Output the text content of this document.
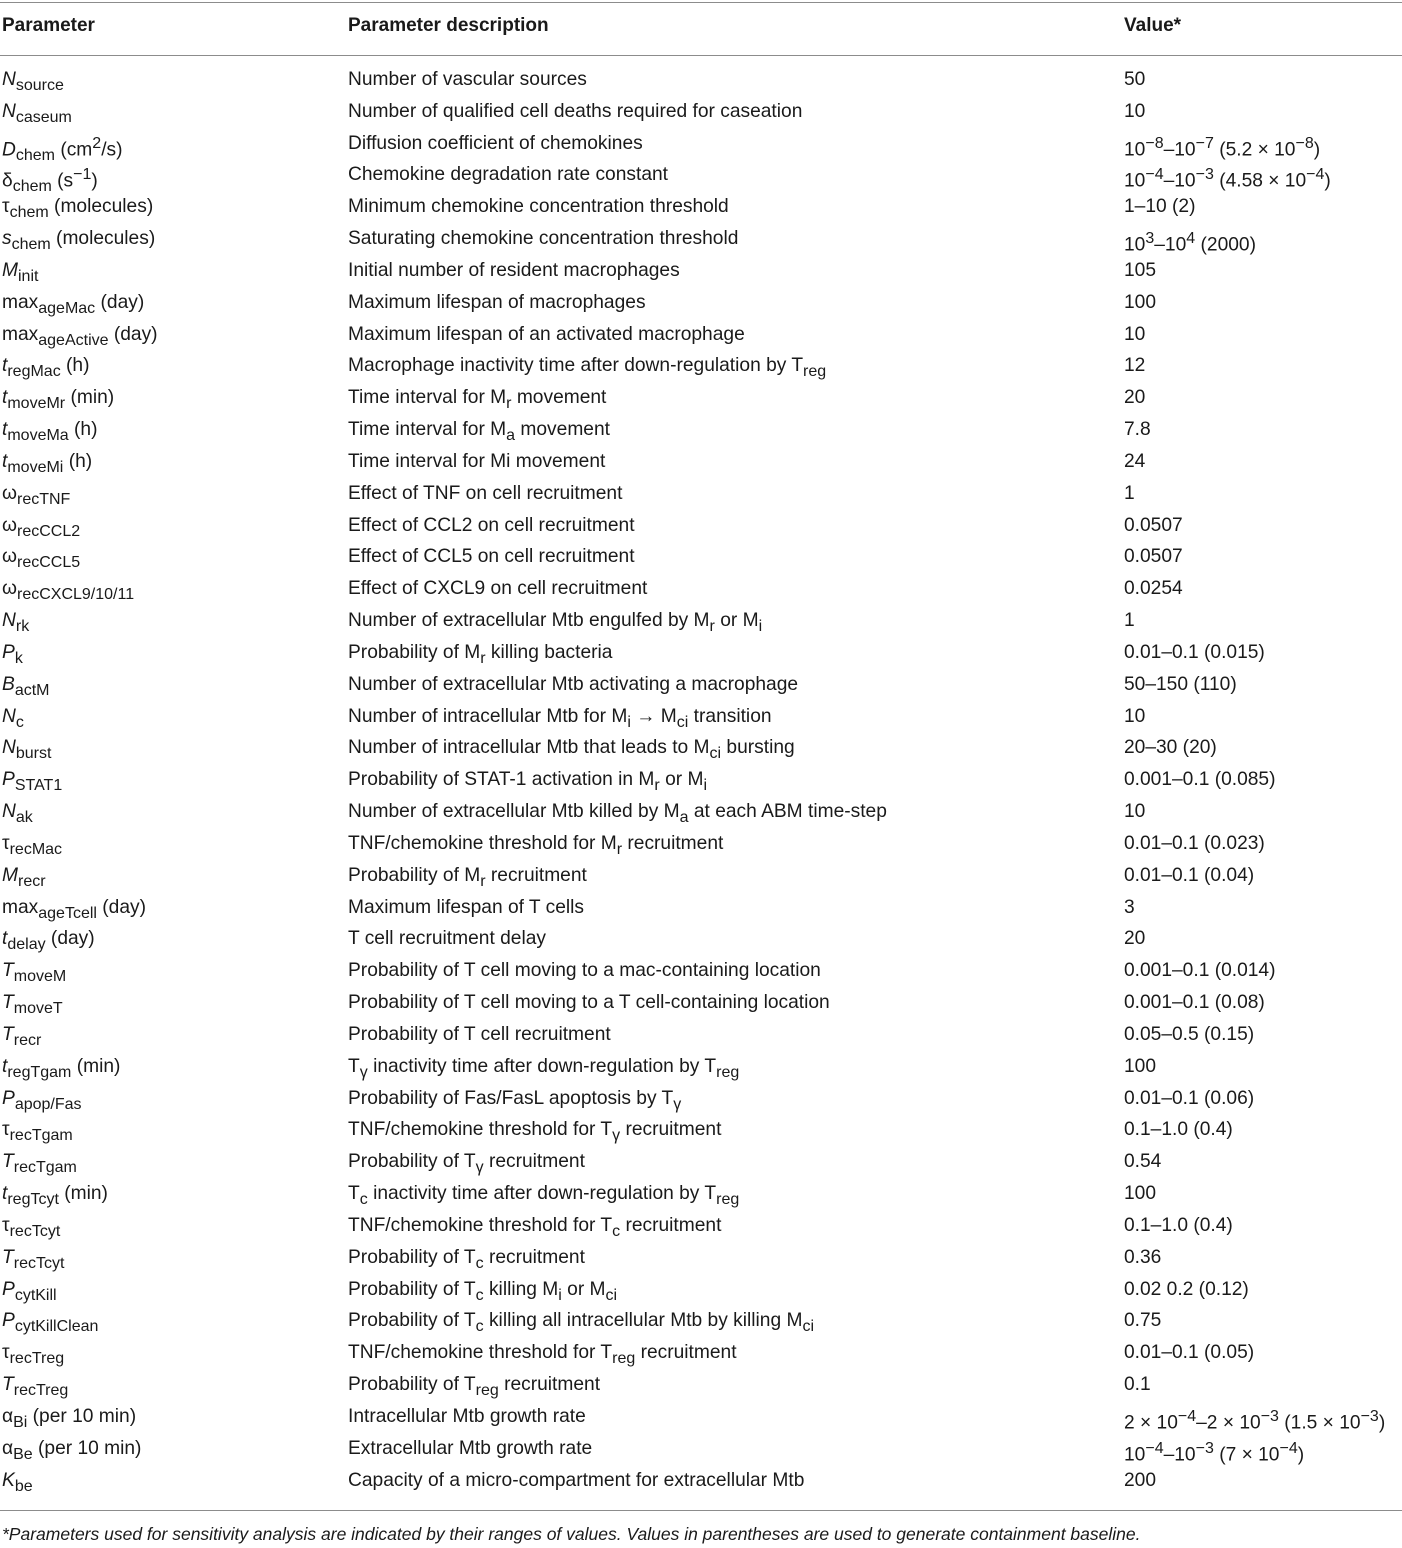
Parameter	Parameter description	Value*
$N_{source}$	Number of vascular sources	50
$N_{caseum}$	Number of qualified cell deaths required for caseation	10
$D_{chem}$ $(cm^2/s)$	Diffusion coefficient of chemokines	$10^{-8}-10^{-7}$ $(5.2 \times 10^{-8})$
$\delta_{chem}$ $(s^{-1})$	Chemokine degradation rate constant	$10^{-4}-10^{-3}$ $(4.58 \times 10^{-4})$
$\tau_{chem}$ (molecules)	Minimum chemokine concentration threshold	1–10 (2)
$s_{chem}$ (molecules)	Saturating chemokine concentration threshold	$10^3-10^4$ (2000)
$M_{init}$	Initial number of resident macrophages	105
$\max_{ageMac} (day)$	Maximum lifespan of macrophages	100
$\max_{ageActive} (day)$	Maximum lifespan of an activated macrophage	10
$t_{regMac}$ (h)	Macrophage inactivity time after down-regulation by $T_{reg}$	12
$t_{moveMr}$ (min)	Time interval for $M_r$ movement	20
$t_{moveMa}$ (h)	Time interval for $M_a$ movement	7.8
$t_{moveMi}$ (h)	Time interval for Mi movement	24
$\omega_{recTNF}$	Effect of TNF on cell recruitment	1
$\omega_{recCCL2}$	Effect of CCL2 on cell recruitment	0.0507
$\omega_{recCCL5}$	Effect of CCL5 on cell recruitment	0.0507
$\omega_{recCXCL9/10/11}$	Effect of CXCL9 on cell recruitment	0.0254
$N_{rk}$	Number of extracellular Mtb engulfed by $M_r$ or $M_i$	1
$P_k$	Probability of $M_r$ killing bacteria	0.01–0.1 (0.015)
$B_{actM}$	Number of extracellular Mtb activating a macrophage	50–150 (110)
$N_c$	Number of intracellular Mtb for $M_i \to M_{ci}$ transition	10
$N_{burst}$	Number of intracellular Mtb that leads to $M_{ci}$ bursting	20–30 (20)
$P_{STAT1}$	Probability of STAT-1 activation in $M_r$ or $M_i$	0.001–0.1 (0.085)
$N_{ak}$	Number of extracellular Mtb killed by $M_a$ at each ABM time-step	10
$\tau_{recMac}$	TNF/chemokine threshold for $M_r$ recruitment	0.01–0.1 (0.023)
$M_{recr}$	Probability of $M_r$ recruitment	0.01–0.1 (0.04)
$\max_{ageTcell} (day)$	Maximum lifespan of T cells	3
$t_{delay}$ (day)	T cell recruitment delay	20
$T_{moveM}$	Probability of T cell moving to a mac-containing location	0.001–0.1 (0.014)
$T_{moveT}$	Probability of T cell moving to a T cell-containing location	0.001–0.1 (0.08)
$T_{recr}$	Probability of T cell recruitment	0.05–0.5 (0.15)
$t_{regTgam}$ (min)	$T_\gamma$ inactivity time after down-regulation by $T_{reg}$	100
$P_{apop/Fas}$	Probability of Fas/FasL apoptosis by $T_\gamma$	0.01–0.1 (0.06)
$\tau_{recTgam}$	TNF/chemokine threshold for $T_\gamma$ recruitment	0.1–1.0 (0.4)
$T_{recTgam}$	Probability of $T_\gamma$ recruitment	0.54
$t_{regTcyt}$ (min)	$T_c$ inactivity time after down-regulation by $T_{reg}$	100
$\tau_{recTcyt}$	TNF/chemokine threshold for $T_c$ recruitment	0.1–1.0 (0.4)
$T_{recTcyt}$	Probability of $T_c$ recruitment	0.36
$P_{cytKill}$	Probability of $T_c$ killing $M_i$ or $M_{ci}$	0.02 0.2 (0.12)
$P_{cytKillClean}$	Probability of $T_c$ killing all intracellular Mtb by killing $M_{ci}$	0.75
$\tau_{recTreg}$	TNF/chemokine threshold for $T_{reg}$ recruitment	0.01–0.1 (0.05)
$T_{recTreg}$	Probability of $T_{reg}$ recruitment	0.1
$\alpha_{Bi}$ (per 10 min)	Intracellular Mtb growth rate	$2 \times 10^{-4}-2 \times 10^{-3}$ $(1.5 \times 10^{-3})$
$\alpha_{Be}$ (per 10 min)	Extracellular Mtb growth rate	$10^{-4}-10^{-3}$ $(7 \times 10^{-4})$
$K_{be}$	Capacity of a micro-compartment for extracellular Mtb	200
*Parameters used for sensitivity analysis are indicated by their ranges of values. Values in parentheses are used to generate containment baseline.
